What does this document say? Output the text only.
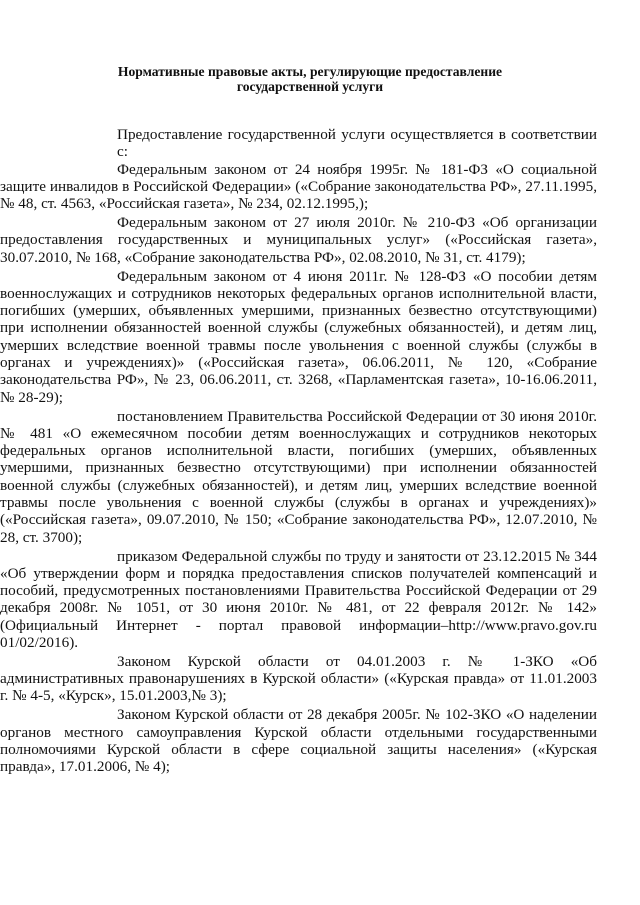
Нормативные правовые акты, регулирующие предоставление
государственной услуги

Предоставление государственной услуги осуществляется в соответствии с:

Федеральным законом от 24 ноября 1995г. № 181-ФЗ «О социальной защите инвалидов в Российской Федерации» («Собрание законодательства РФ», 27.11.1995, № 48, ст. 4563, «Российская газета», № 234, 02.12.1995,);

Федеральным законом от 27 июля 2010г. № 210-ФЗ «Об организации предоставления государственных и муниципальных услуг» («Российская газета», 30.07.2010, № 168, «Собрание законодательства РФ», 02.08.2010, № 31, ст. 4179);

Федеральным законом от 4 июня 2011г. № 128-ФЗ «О пособии детям военнослужащих и сотрудников некоторых федеральных органов исполнительной власти, погибших (умерших, объявленных умершими, признанных безвестно отсутствующими) при исполнении обязанностей военной службы (служебных обязанностей), и детям лиц, умерших вследствие военной травмы после увольнения с военной службы (службы в органах и учреждениях)» («Российская газета», 06.06.2011, № 120, «Собрание законодательства РФ», № 23, 06.06.2011, ст. 3268, «Парламентская газета», 10-16.06.2011, № 28-29);

постановлением Правительства Российской Федерации от 30 июня 2010г. № 481 «О ежемесячном пособии детям военнослужащих и сотрудников некоторых федеральных органов исполнительной власти, погибших (умерших, объявленных умершими, признанных безвестно отсутствующими) при исполнении обязанностей военной службы (служебных обязанностей), и детям лиц, умерших вследствие военной травмы после увольнения с военной службы (службы в органах и учреждениях)» («Российская газета», 09.07.2010, № 150; «Собрание законодательства РФ», 12.07.2010, № 28, ст. 3700);

приказом Федеральной службы по труду и занятости от 23.12.2015 № 344 «Об утверждении форм и порядка предоставления списков получателей компенсаций и пособий, предусмотренных постановлениями Правительства Российской Федерации от 29 декабря 2008г. № 1051, от 30 июня 2010г. № 481, от 22 февраля 2012г. № 142» (Официальный Интернет - портал правовой информации–http://www.pravo.gov.ru 01/02/2016).

Законом Курской области от 04.01.2003 г. № 1-ЗКО «Об административных правонарушениях в Курской области» («Курская правда» от 11.01.2003 г. № 4-5, «Курск», 15.01.2003,№ 3);

Законом Курской области от 28 декабря 2005г. № 102-ЗКО «О наделении органов местного самоуправления Курской области отдельными государственными полномочиями Курской области в сфере социальной защиты населения» («Курская правда», 17.01.2006, № 4);
